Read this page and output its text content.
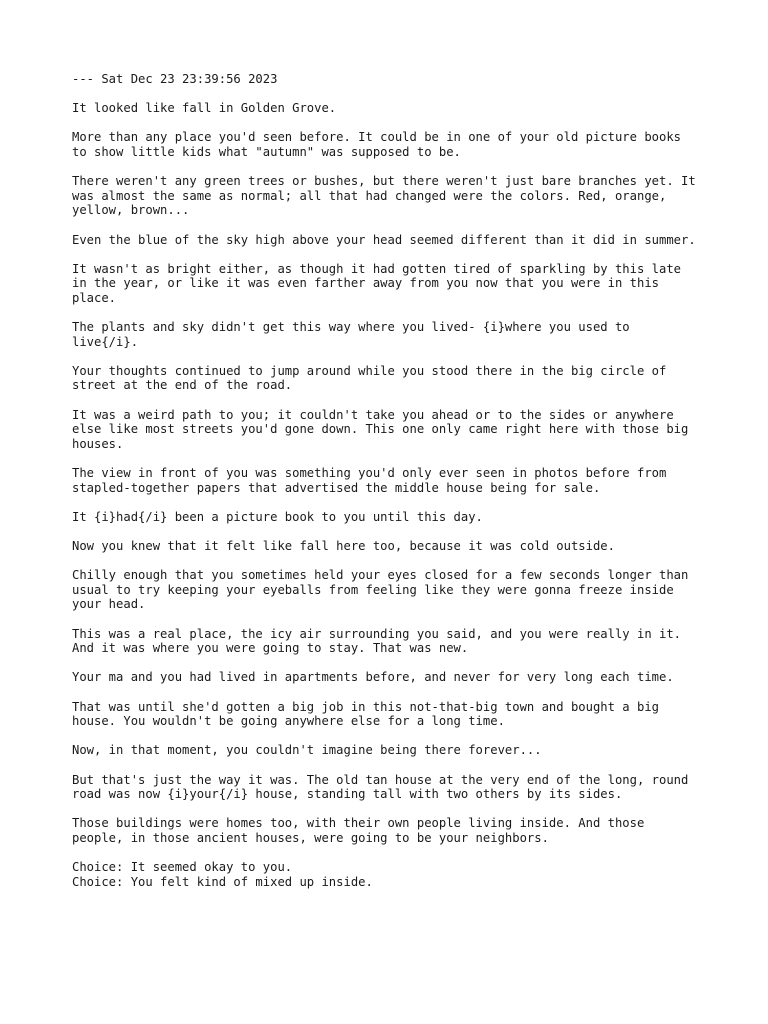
--- Sat Dec 23 23:39:56 2023

It looked like fall in Golden Grove.

More than any place you'd seen before. It could be in one of your old picture books to show little kids what "autumn" was supposed to be.

There weren't any green trees or bushes, but there weren't just bare branches yet. It was almost the same as normal; all that had changed were the colors. Red, orange, yellow, brown...

Even the blue of the sky high above your head seemed different than it did in summer.

It wasn't as bright either, as though it had gotten tired of sparkling by this late in the year, or like it was even farther away from you now that you were in this place.

The plants and sky didn't get this way where you lived- {i}where you used to live{/i}.

Your thoughts continued to jump around while you stood there in the big circle of street at the end of the road.

It was a weird path to you; it couldn't take you ahead or to the sides or anywhere else like most streets you'd gone down. This one only came right here with those big houses.

The view in front of you was something you'd only ever seen in photos before from stapled-together papers that advertised the middle house being for sale.

It {i}had{/i} been a picture book to you until this day.

Now you knew that it felt like fall here too, because it was cold outside.

Chilly enough that you sometimes held your eyes closed for a few seconds longer than usual to try keeping your eyeballs from feeling like they were gonna freeze inside your head.

This was a real place, the icy air surrounding you said, and you were really in it. And it was where you were going to stay. That was new.

Your ma and you had lived in apartments before, and never for very long each time.

That was until she'd gotten a big job in this not-that-big town and bought a big house. You wouldn't be going anywhere else for a long time.

Now, in that moment, you couldn't imagine being there forever...

But that's just the way it was. The old tan house at the very end of the long, round road was now {i}your{/i} house, standing tall with two others by its sides.

Those buildings were homes too, with their own people living inside. And those people, in those ancient houses, were going to be your neighbors.

Choice: It seemed okay to you.

Choice: You felt kind of mixed up inside.
